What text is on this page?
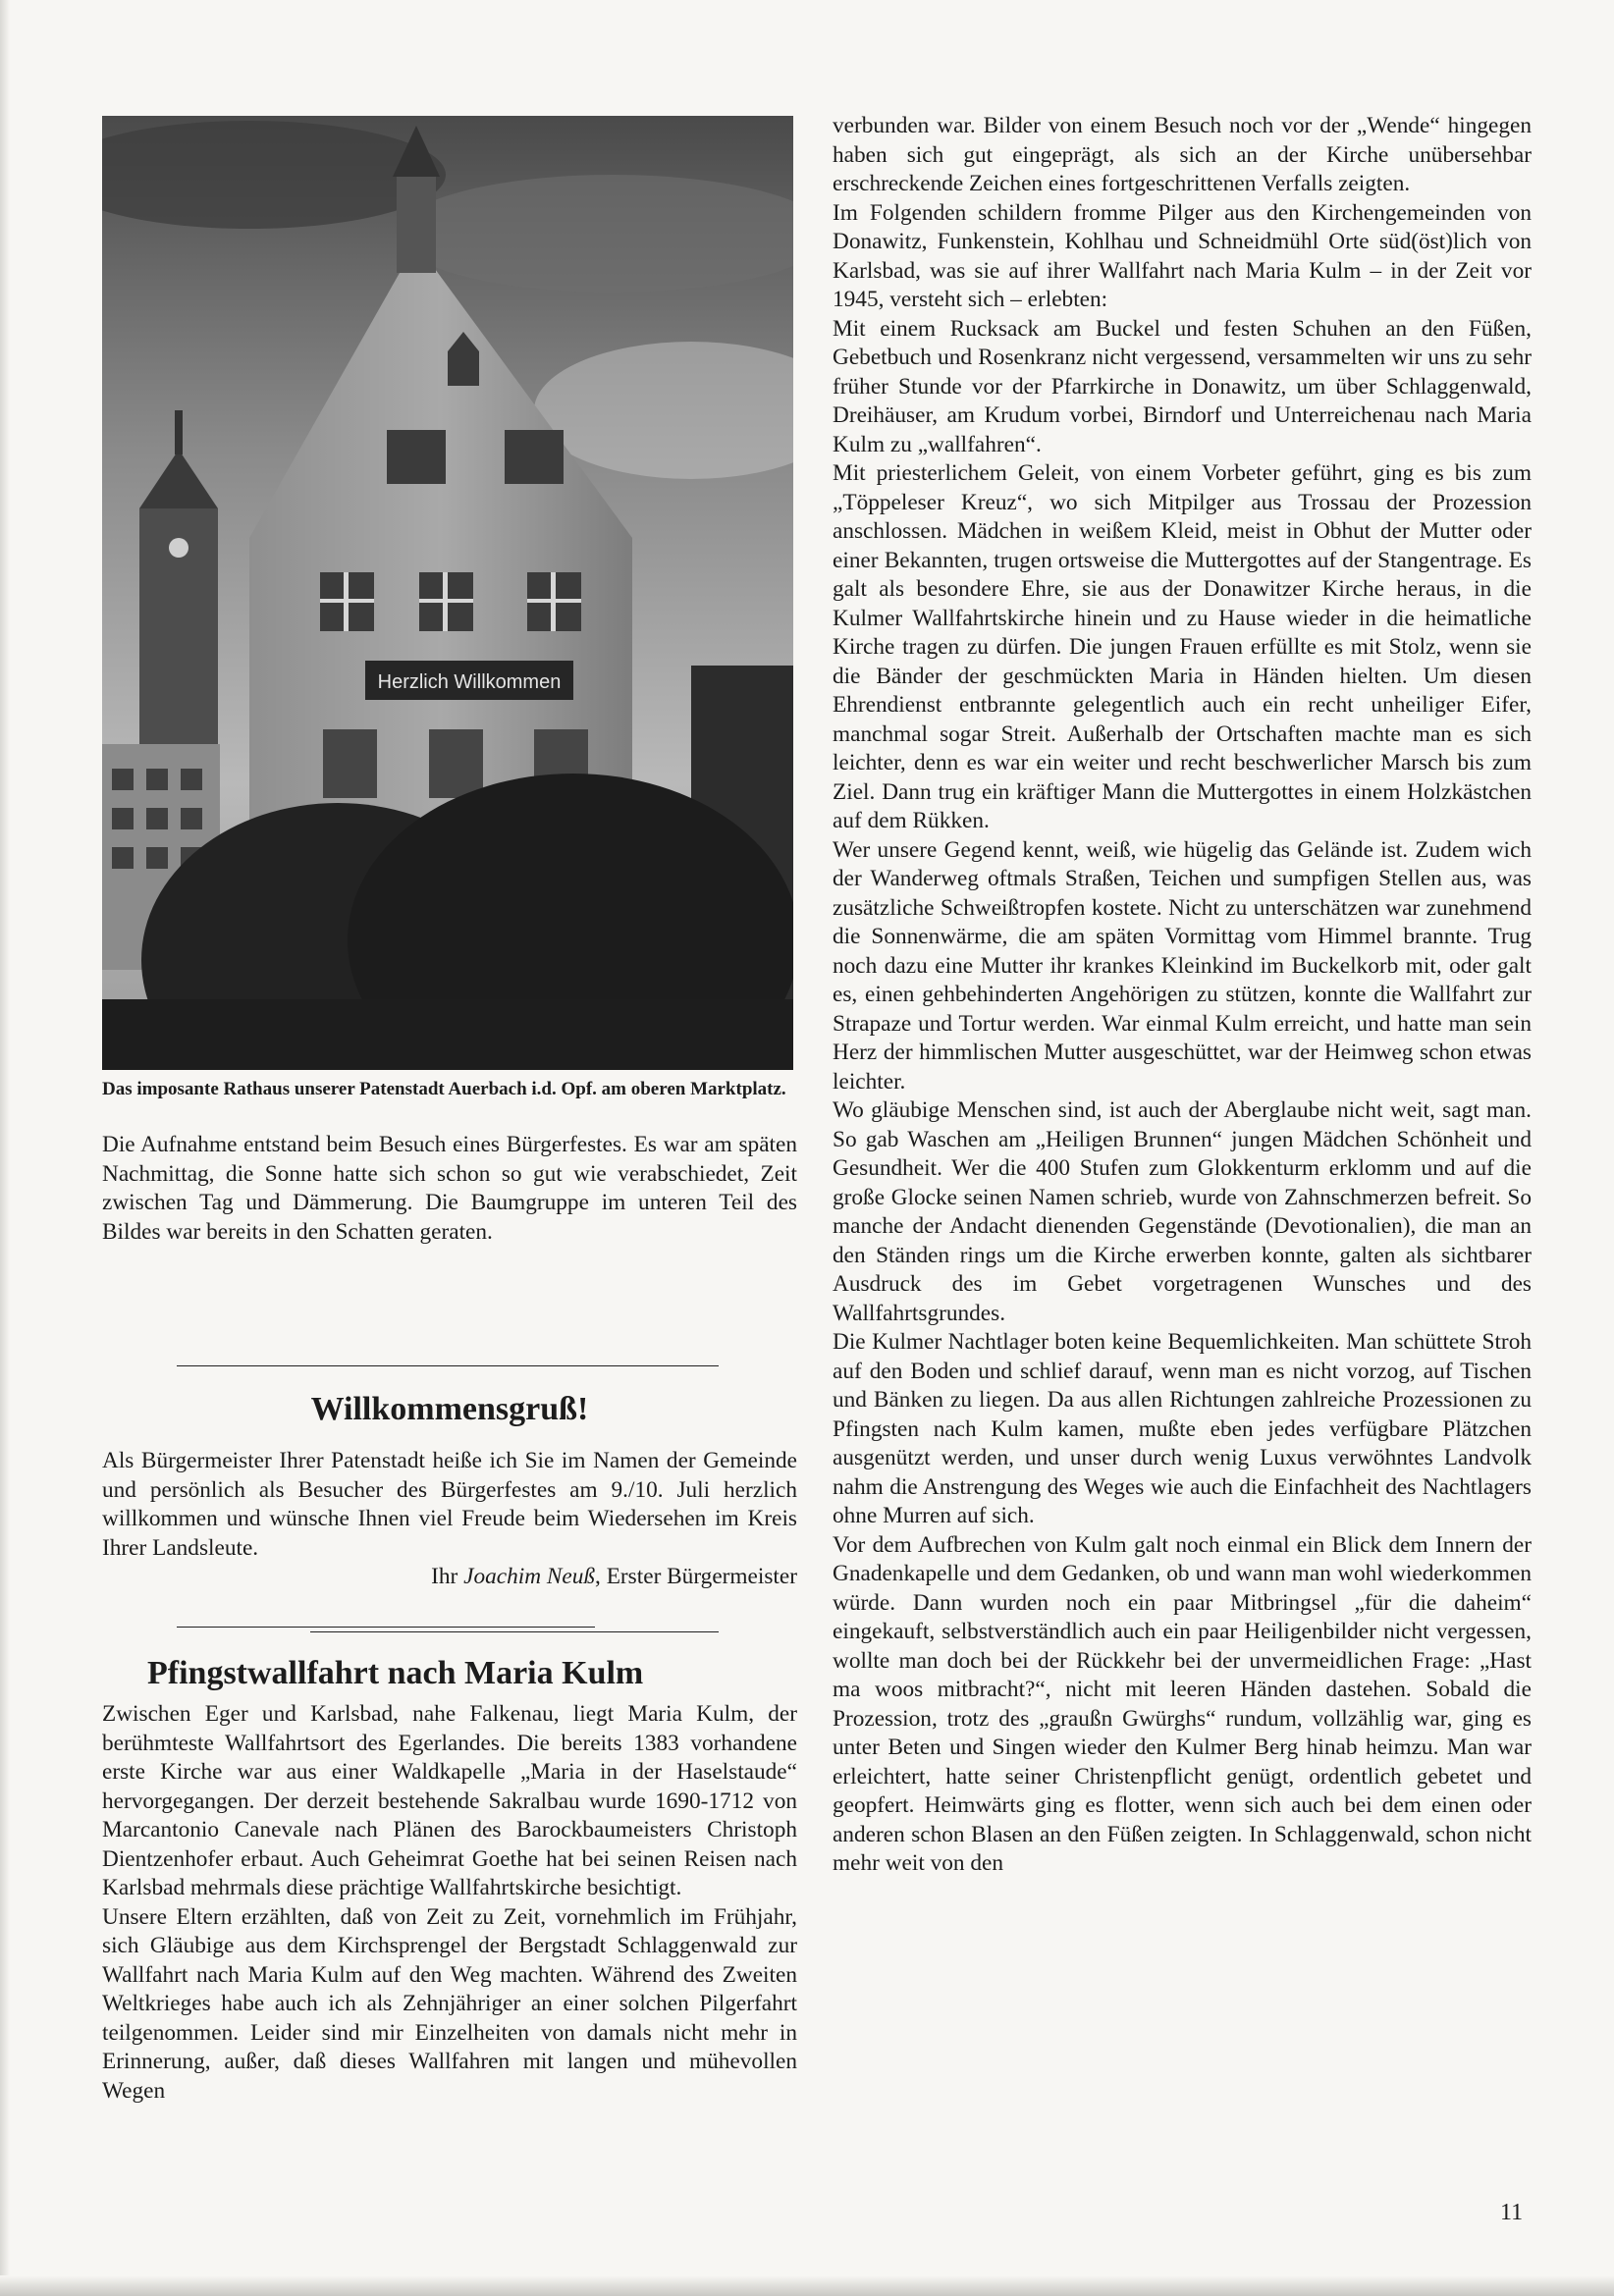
Herzlich Willkommen
Das imposante Rathaus unserer Patenstadt Auerbach i.d. Opf. am oberen Marktplatz.

Die Aufnahme entstand beim Besuch eines Bürgerfestes. Es war am späten Nachmittag, die Sonne hatte sich schon so gut wie verabschiedet, Zeit zwischen Tag und Dämmerung. Die Baumgruppe im unteren Teil des Bildes war bereits in den Schatten geraten.

Willkommensgruß!

Als Bürgermeister Ihrer Patenstadt heiße ich Sie im Namen der Gemeinde und persönlich als Besucher des Bürgerfestes am 9./10. Juli herzlich willkommen und wünsche Ihnen viel Freude beim Wiedersehen im Kreis Ihrer Landsleute.

Ihr Joachim Neuß, Erster Bürgermeister

Pfingstwallfahrt nach Maria Kulm

Zwischen Eger und Karlsbad, nahe Falkenau, liegt Maria Kulm, der berühmteste Wallfahrtsort des Egerlandes. Die bereits 1383 vorhandene erste Kirche war aus einer Waldkapelle „Maria in der Haselstaude“ hervorgegangen. Der derzeit bestehende Sakralbau wurde 1690-1712 von Marcantonio Canevale nach Plänen des Barockbaumeisters Christoph Dientzenhofer erbaut. Auch Geheimrat Goethe hat bei seinen Reisen nach Karlsbad mehrmals diese prächtige Wallfahrtskirche besichtigt.

Unsere Eltern erzählten, daß von Zeit zu Zeit, vornehmlich im Frühjahr, sich Gläubige aus dem Kirchsprengel der Bergstadt Schlaggenwald zur Wallfahrt nach Maria Kulm auf den Weg machten. Während des Zweiten Weltkrieges habe auch ich als Zehnjähriger an einer solchen Pilgerfahrt teilgenommen. Leider sind mir Einzelheiten von damals nicht mehr in Erinnerung, außer, daß dieses Wallfahren mit langen und mühevollen Wegen

verbunden war. Bilder von einem Besuch noch vor der „Wende“ hingegen haben sich gut eingeprägt, als sich an der Kirche unübersehbar erschreckende Zeichen eines fortgeschrittenen Verfalls zeigten.

Im Folgenden schildern fromme Pilger aus den Kirchengemeinden von Donawitz, Funkenstein, Kohlhau und Schneidmühl Orte süd(öst)lich von Karlsbad, was sie auf ihrer Wallfahrt nach Maria Kulm – in der Zeit vor 1945, versteht sich – erlebten:

Mit einem Rucksack am Buckel und festen Schuhen an den Füßen, Gebetbuch und Rosenkranz nicht vergessend, versammelten wir uns zu sehr früher Stunde vor der Pfarrkirche in Donawitz, um über Schlaggenwald, Dreihäuser, am Krudum vorbei, Birndorf und Unterreichenau nach Maria Kulm zu „wallfahren“.

Mit priesterlichem Geleit, von einem Vorbeter geführt, ging es bis zum „Töppeleser Kreuz“, wo sich Mitpilger aus Trossau der Prozession anschlossen. Mädchen in weißem Kleid, meist in Obhut der Mutter oder einer Bekannten, trugen ortsweise die Muttergottes auf der Stangentrage. Es galt als besondere Ehre, sie aus der Donawitzer Kirche heraus, in die Kulmer Wallfahrtskirche hinein und zu Hause wieder in die heimatliche Kirche tragen zu dürfen. Die jungen Frauen erfüllte es mit Stolz, wenn sie die Bänder der geschmückten Maria in Händen hielten. Um diesen Ehrendienst entbrannte gelegentlich auch ein recht unheiliger Eifer, manchmal sogar Streit. Außerhalb der Ortschaften machte man es sich leichter, denn es war ein weiter und recht beschwerlicher Marsch bis zum Ziel. Dann trug ein kräftiger Mann die Muttergottes in einem Holzkästchen auf dem Rükken.

Wer unsere Gegend kennt, weiß, wie hügelig das Gelände ist. Zudem wich der Wanderweg oftmals Straßen, Teichen und sumpfigen Stellen aus, was zusätzliche Schweißtropfen kostete. Nicht zu unterschätzen war zunehmend die Sonnenwärme, die am späten Vormittag vom Himmel brannte. Trug noch dazu eine Mutter ihr krankes Kleinkind im Buckelkorb mit, oder galt es, einen gehbehinderten Angehörigen zu stützen, konnte die Wallfahrt zur Strapaze und Tortur werden. War einmal Kulm erreicht, und hatte man sein Herz der himmlischen Mutter ausgeschüttet, war der Heimweg schon etwas leichter.

Wo gläubige Menschen sind, ist auch der Aberglaube nicht weit, sagt man. So gab Waschen am „Heiligen Brunnen“ jungen Mädchen Schönheit und Gesundheit. Wer die 400 Stufen zum Glokkenturm erklomm und auf die große Glocke seinen Namen schrieb, wurde von Zahnschmerzen befreit. So manche der Andacht dienenden Gegenstände (Devotionalien), die man an den Ständen rings um die Kirche erwerben konnte, galten als sichtbarer Ausdruck des im Gebet vorgetragenen Wunsches und des Wallfahrtsgrundes.

Die Kulmer Nachtlager boten keine Bequemlichkeiten. Man schüttete Stroh auf den Boden und schlief darauf, wenn man es nicht vorzog, auf Tischen und Bänken zu liegen. Da aus allen Richtungen zahlreiche Prozessionen zu Pfingsten nach Kulm kamen, mußte eben jedes verfügbare Plätzchen ausgenützt werden, und unser durch wenig Luxus verwöhntes Landvolk nahm die Anstrengung des Weges wie auch die Einfachheit des Nachtlagers ohne Murren auf sich.

Vor dem Aufbrechen von Kulm galt noch einmal ein Blick dem Innern der Gnadenkapelle und dem Gedanken, ob und wann man wohl wiederkommen würde. Dann wurden noch ein paar Mitbringsel „für die daheim“ eingekauft, selbstverständlich auch ein paar Heiligenbilder nicht vergessen, wollte man doch bei der Rückkehr bei der unvermeidlichen Frage: „Hast ma woos mitbracht?“, nicht mit leeren Händen dastehen. Sobald die Prozession, trotz des „graußn Gwürghs“ rundum, vollzählig war, ging es unter Beten und Singen wieder den Kulmer Berg hinab heimzu. Man war erleichtert, hatte seiner Christenpflicht genügt, ordentlich gebetet und geopfert. Heimwärts ging es flotter, wenn sich auch bei dem einen oder anderen schon Blasen an den Füßen zeigten. In Schlaggenwald, schon nicht mehr weit von den

11
